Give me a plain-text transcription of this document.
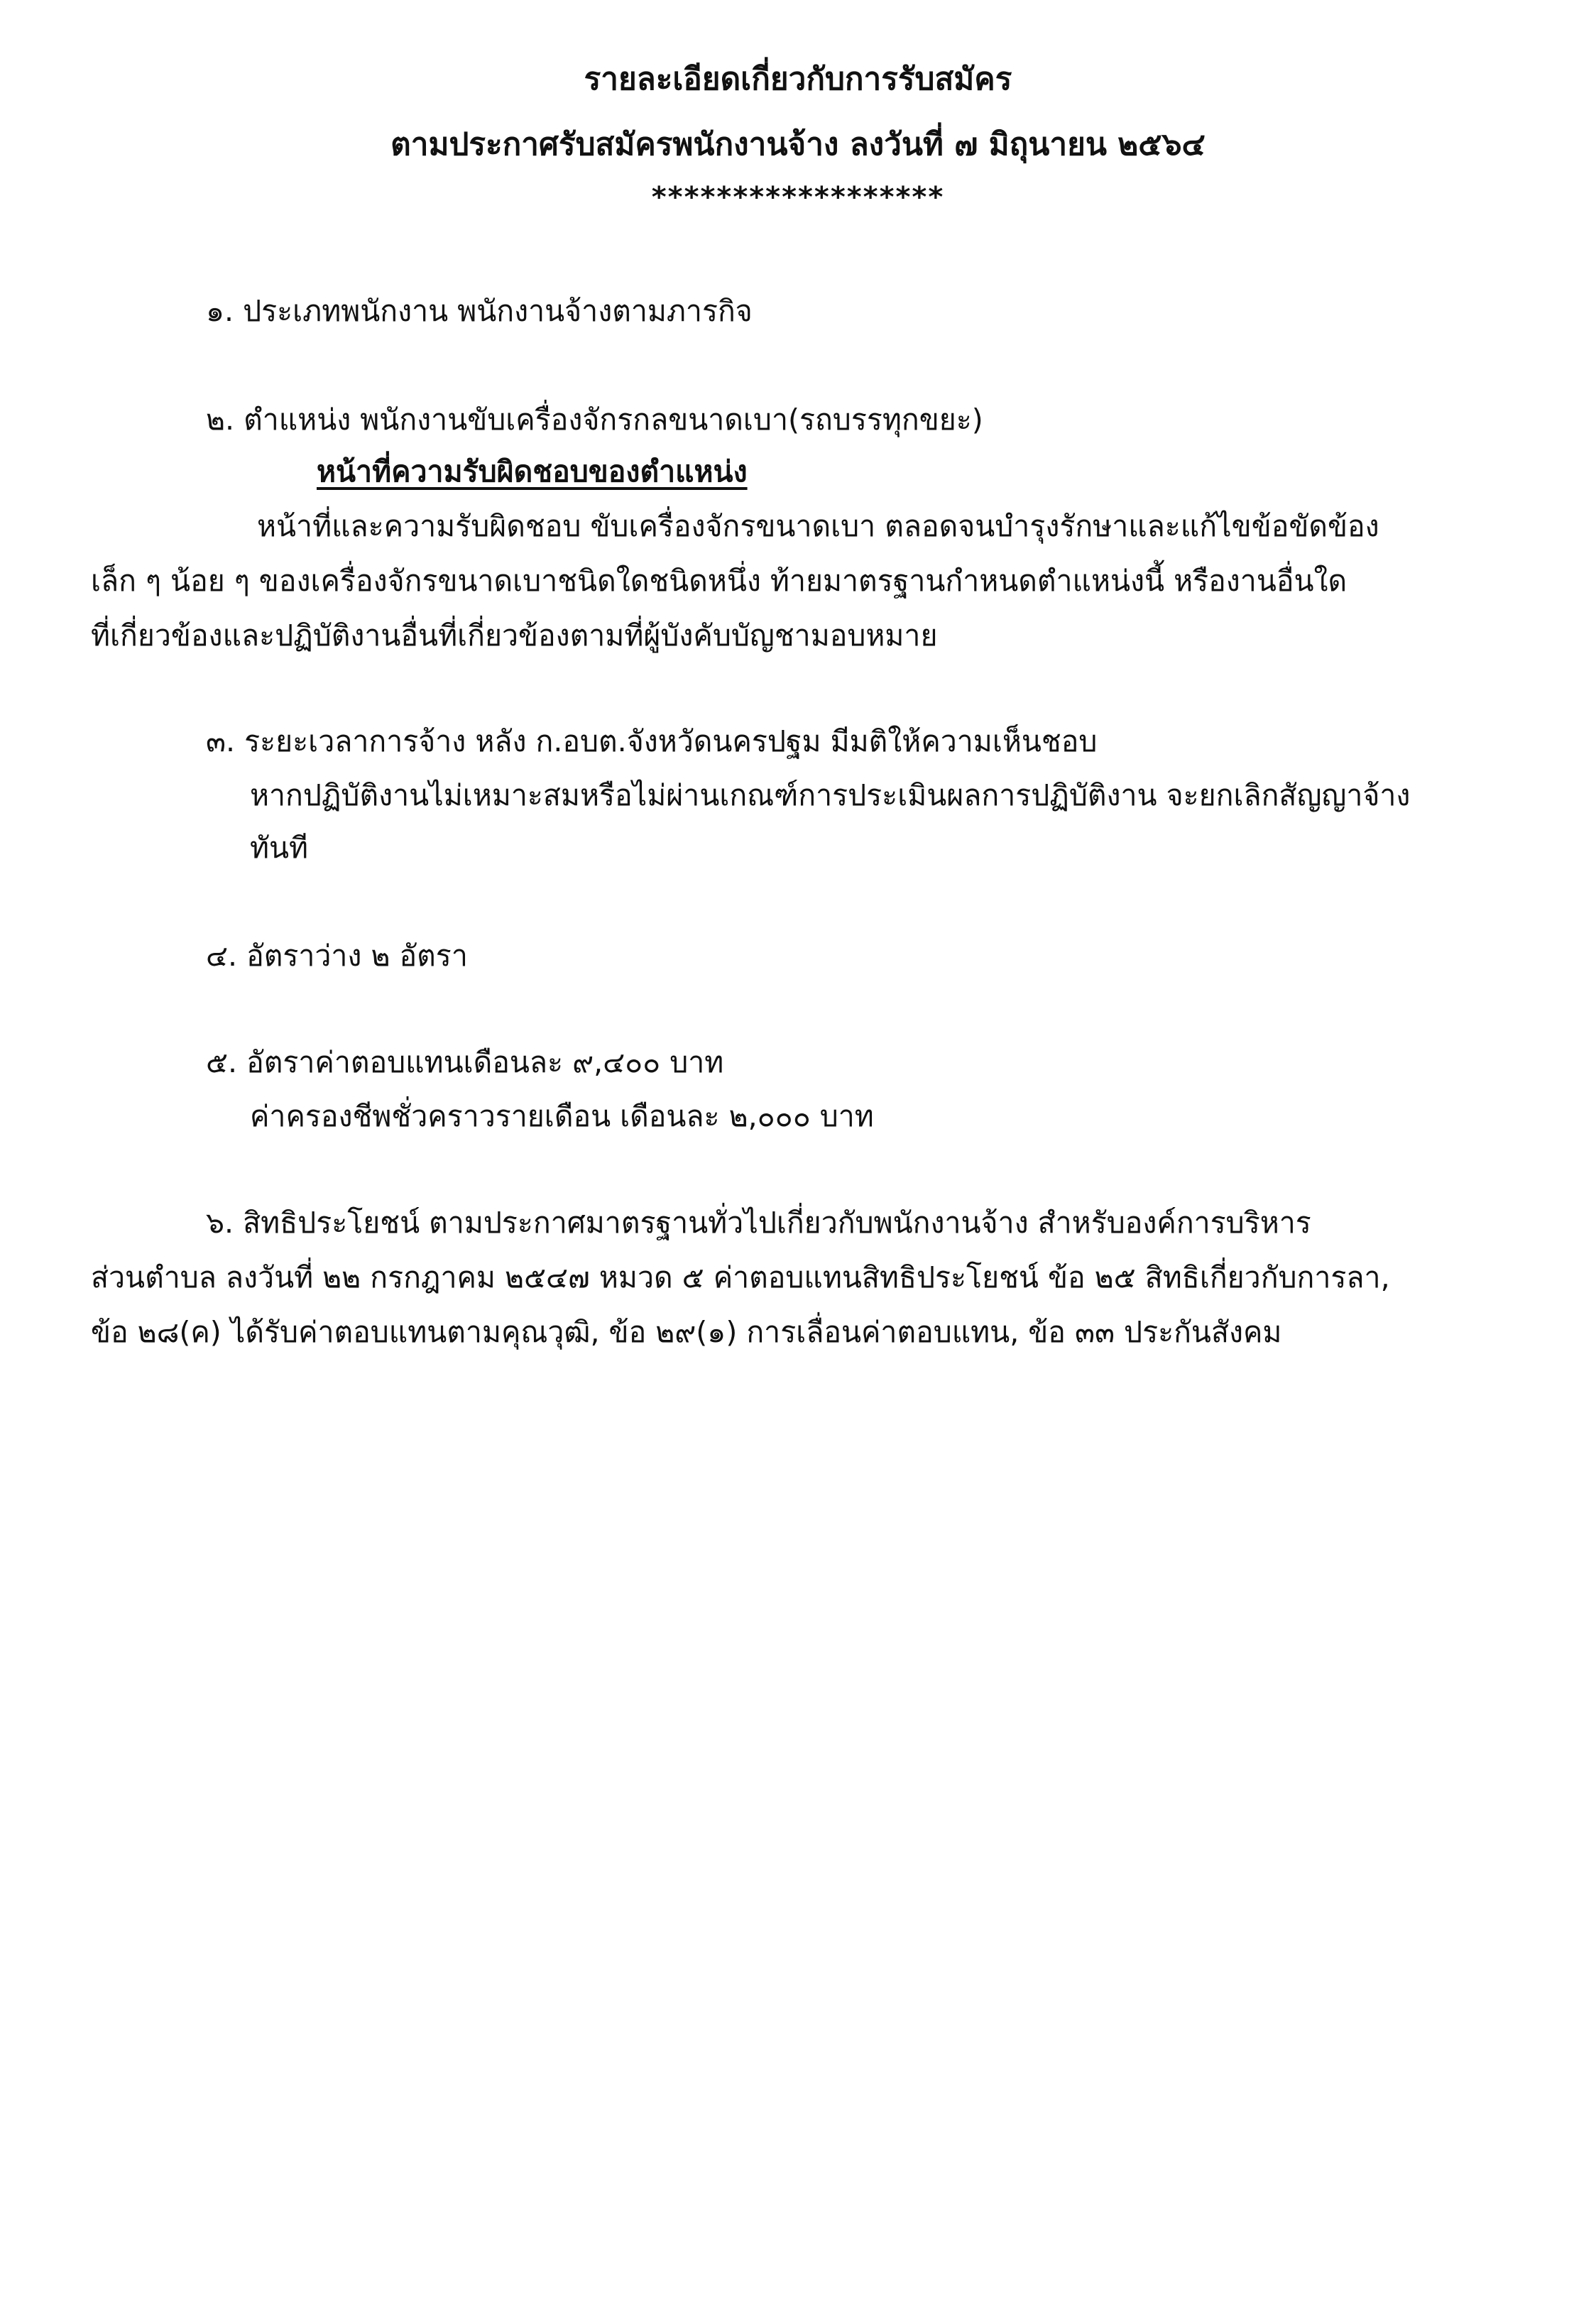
รายละเอียดเกี่ยวกับการรับสมัคร
ตามประกาศรับสมัครพนักงานจ้าง ลงวันที่ ๗ มิถุนายน ๒๕๖๔
******************
๑. ประเภทพนักงาน พนักงานจ้างตามภารกิจ
๒. ตำแหน่ง พนักงานขับเครื่องจักรกลขนาดเบา(รถบรรทุกขยะ)
หน้าที่ความรับผิดชอบของตำแหน่ง
หน้าที่และความรับผิดชอบ ขับเครื่องจักรขนาดเบา ตลอดจนบำรุงรักษาและแก้ไขข้อขัดข้อง
เล็ก ๆ น้อย ๆ ของเครื่องจักรขนาดเบาชนิดใดชนิดหนึ่ง ท้ายมาตรฐานกำหนดตำแหน่งนี้ หรืองานอื่นใด
ที่เกี่ยวข้องและปฏิบัติงานอื่นที่เกี่ยวข้องตามที่ผู้บังคับบัญชามอบหมาย
๓. ระยะเวลาการจ้าง หลัง ก.อบต.จังหวัดนครปฐม มีมติให้ความเห็นชอบ
หากปฏิบัติงานไม่เหมาะสมหรือไม่ผ่านเกณฑ์การประเมินผลการปฏิบัติงาน จะยกเลิกสัญญาจ้าง
ทันที
๔. อัตราว่าง ๒ อัตรา
๕. อัตราค่าตอบแทนเดือนละ ๙,๔๐๐ บาท
ค่าครองชีพชั่วคราวรายเดือน เดือนละ ๒,๐๐๐ บาท
๖. สิทธิประโยชน์ ตามประกาศมาตรฐานทั่วไปเกี่ยวกับพนักงานจ้าง สำหรับองค์การบริหาร
ส่วนตำบล ลงวันที่ ๒๒ กรกฎาคม ๒๕๔๗ หมวด ๕ ค่าตอบแทนสิทธิประโยชน์ ข้อ ๒๕ สิทธิเกี่ยวกับการลา,
ข้อ ๒๘(ค) ได้รับค่าตอบแทนตามคุณวุฒิ, ข้อ ๒๙(๑) การเลื่อนค่าตอบแทน, ข้อ ๓๓ ประกันสังคม
